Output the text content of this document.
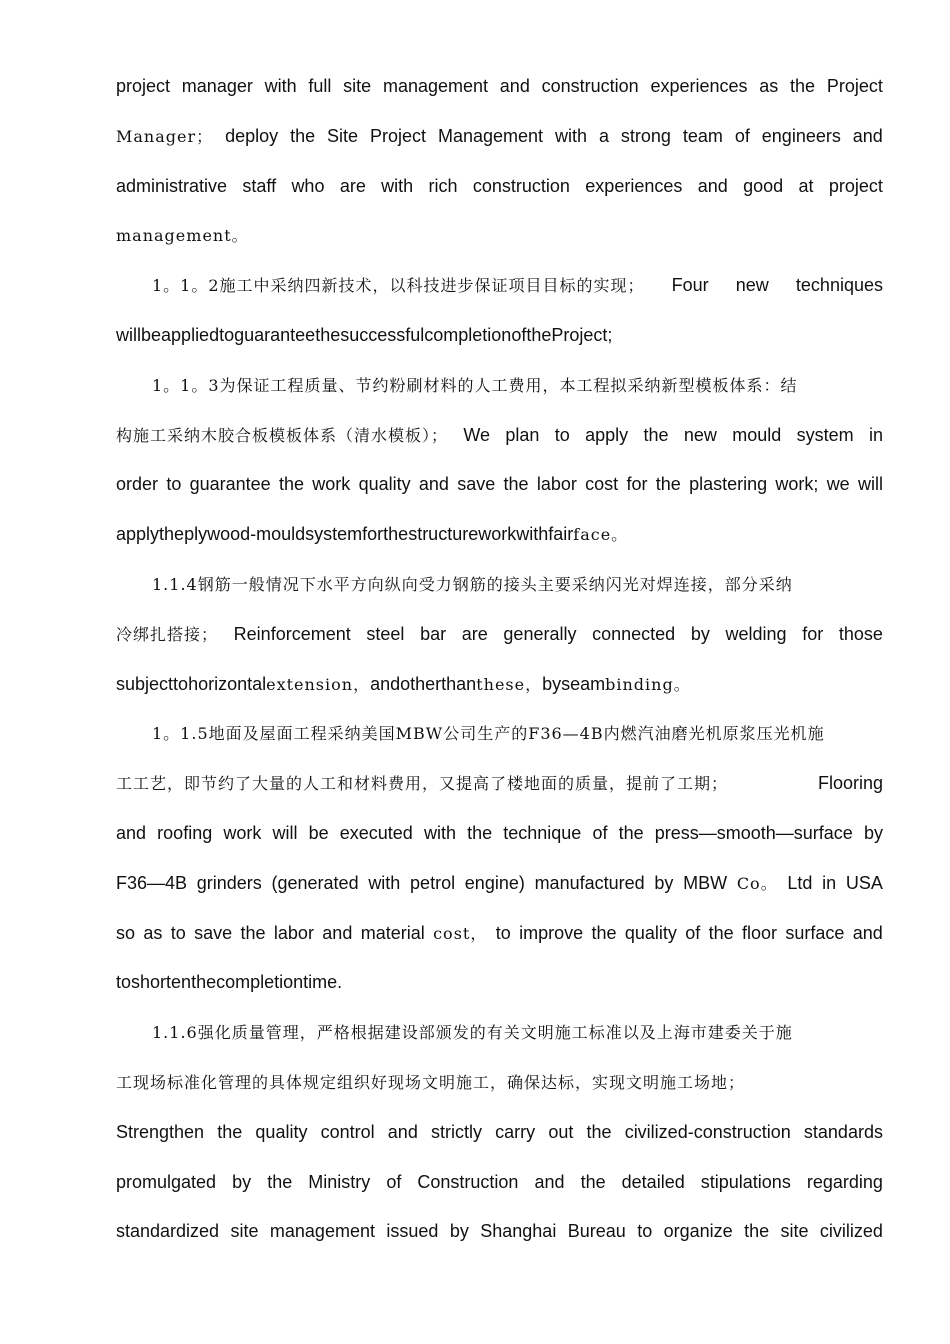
project manager with full site management and construction experiences as the Project
Manager； deploy the Site Project Management with a strong team of engineers and
administrative staff who are with rich construction experiences and good at project
management。
1。1。2施工中采纳四新技术，以科技进步保证项目目标的实现； Four new techniques
will be applied to guarantee the successful completion of the Project;
1。1。3为保证工程质量、节约粉刷材料的人工费用，本工程拟采纳新型模板体系：结
构施工采纳木胶合板模板体系（清水模板）； We plan to apply the new mould system in
order to guarantee the work quality and save the labor cost for the plastering work; we will
apply the plywood-mould system for the structure work with fair face。
1.1.4钢筋一般情况下水平方向纵向受力钢筋的接头主要采纳闪光对焊连接，部分采纳
冷绑扎搭接； Reinforcement steel bar are generally connected by welding for those
subject to horizontal extension， and other than these， by seam binding。
1。1.5地面及屋面工程采纳美国MBW公司生产的F36—4B内燃汽油磨光机原浆压光机施
工工艺，即节约了大量的人工和材料费用，又提高了楼地面的质量，提前了工期；	Flooring
and roofing work will be executed with the technique of the press—smooth—surface by
F36—4B grinders (generated with petrol engine) manufactured by MBW Co。 Ltd in USA
so as to save the labor and material cost， to improve the quality of the floor surface and
to shorten the completion time.
1.1.6强化质量管理，严格根据建设部颁发的有关文明施工标准以及上海市建委关于施
工现场标准化管理的具体规定组织好现场文明施工，确保达标，实现文明施工场地；
Strengthen the quality control and strictly carry out the civilized-construction standards
promulgated by the Ministry of Construction and the detailed stipulations regarding
standardized site management issued by Shanghai Bureau to organize the site civilized
